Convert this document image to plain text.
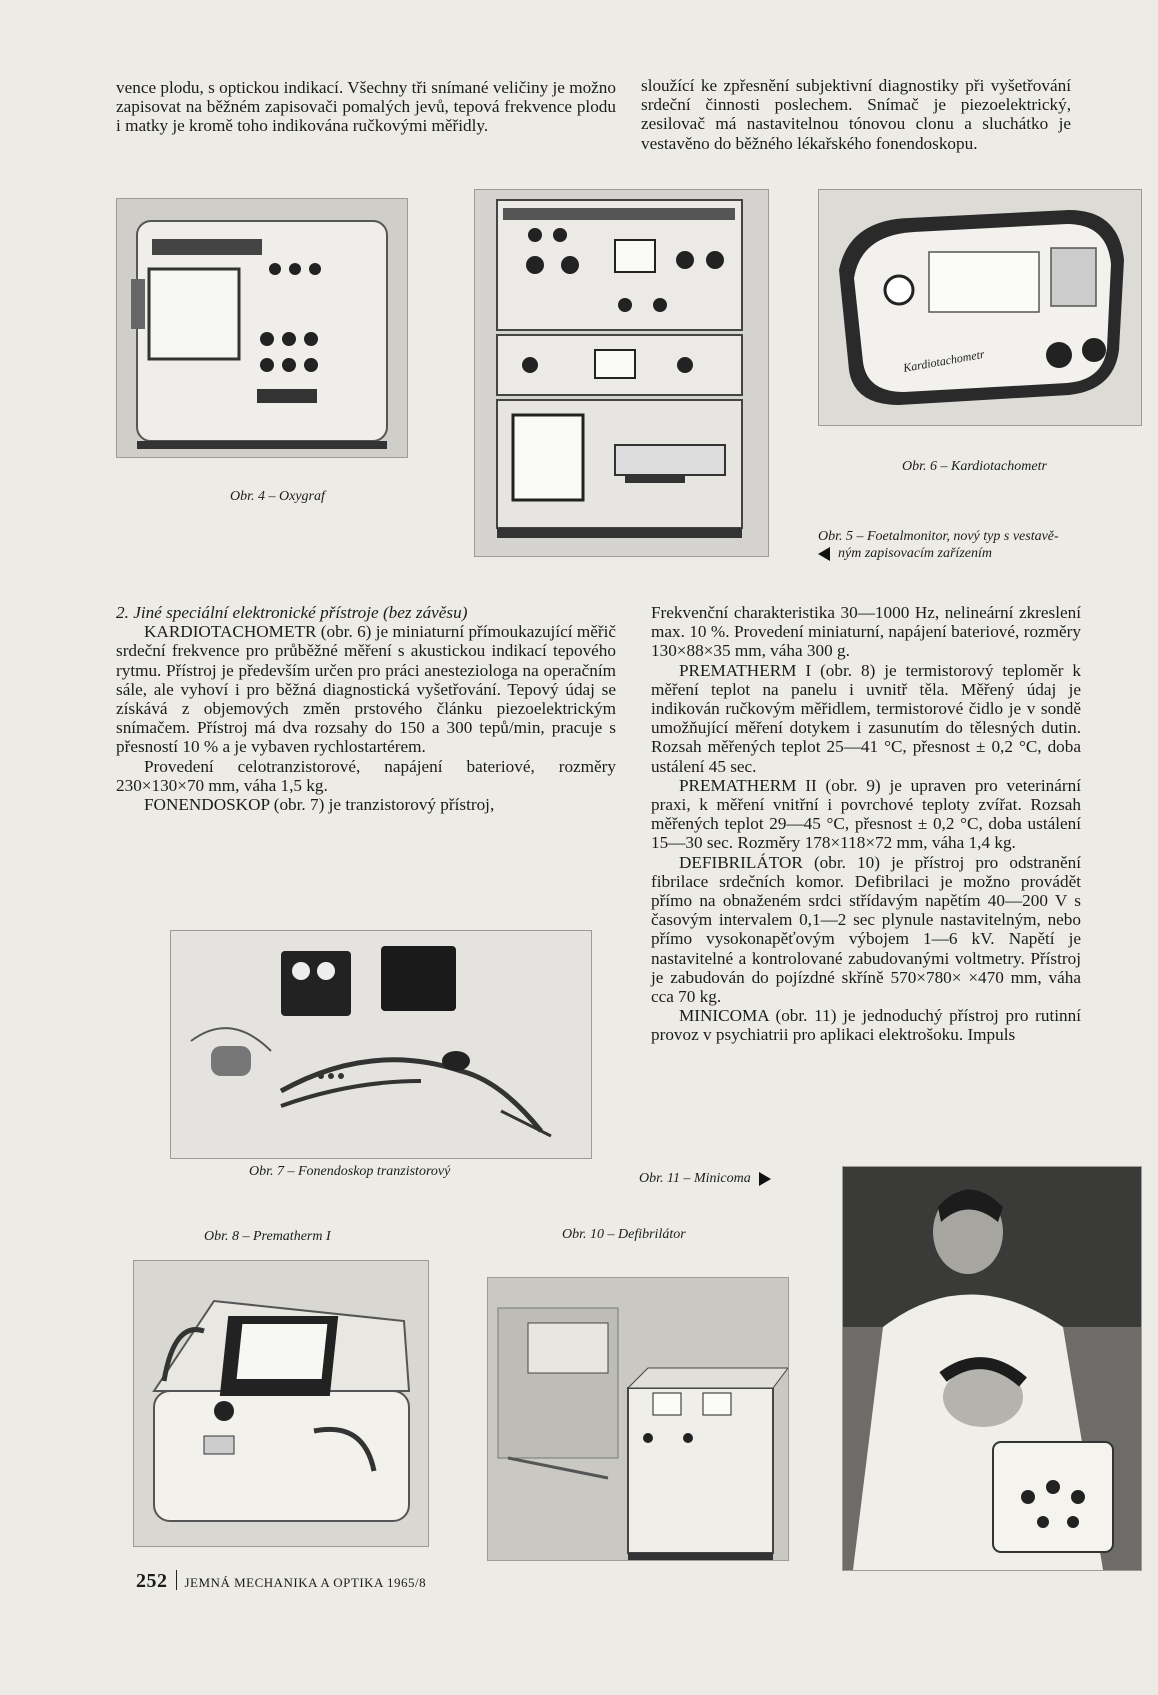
vence plodu, s optickou indikací. Všechny tři snímané veličiny je možno zapisovat na běžném zapisovači pomalých jevů, tepová frekvence plodu i matky je kromě toho indikována ručkovými měřidly.
sloužící ke zpřesnění subjektivní diagnostiky při vyšetřování srdeční činnosti poslechem. Snímač je piezoelektrický, zesilovač má nastavitelnou tónovou clonu a sluchátko je vestavěno do běžného lékařského fonendoskopu.
Obr. 4 – Oxygraf
Obr. 5 – Foetalmonitor, nový typ s vestavě-
ným zapisovacím zařízením
Kardiotachometr
Obr. 6 – Kardiotachometr

2. Jiné speciální elektronické přístroje (bez závěsu)

KARDIOTACHOMETR (obr. 6) je miniaturní přímoukazující měřič srdeční frekvence pro průběžné měření s akustickou indikací tepového rytmu. Přístroj je především určen pro práci anesteziologa na operačním sále, ale vyhoví i pro běžná diagnostická vyšetřování. Tepový údaj se získává z objemových změn prstového článku piezoelektrickým snímačem. Přístroj má dva rozsahy do 150 a 300 tepů/min, pracuje s přesností 10 % a je vybaven rychlostartérem.

Provedení celotranzistorové, napájení bateriové, rozměry 230×130×70 mm, váha 1,5 kg.

FONENDOSKOP (obr. 7) je tranzistorový přístroj,

Frekvenční charakteristika 30—1000 Hz, nelineární zkreslení max. 10 %. Provedení miniaturní, napájení bateriové, rozměry 130×88×35 mm, váha 300 g.

PREMATHERM I (obr. 8) je termistorový teploměr k měření teplot na panelu i uvnitř těla. Měřený údaj je indikován ručkovým měřidlem, termistorové čidlo je v sondě umožňující měření dotykem i zasunutím do tělesných dutin. Rozsah měřených teplot 25—41 °C, přesnost ± 0,2 °C, doba ustálení 45 sec.

PREMATHERM II (obr. 9) je upraven pro veterinární praxi, k měření vnitřní i povrchové teploty zvířat. Rozsah měřených teplot 29—45 °C, přesnost ± 0,2 °C, doba ustálení 15—30 sec. Rozměry 178×118×72 mm, váha 1,4 kg.

DEFIBRILÁTOR (obr. 10) je přístroj pro odstranění fibrilace srdečních komor. Defibrilaci je možno provádět přímo na obnaženém srdci střídavým napětím 40—200 V s časovým intervalem 0,1—2 sec plynule nastavitelným, nebo přímo vysokonapěťovým výbojem 1—6 kV. Napětí je nastavitelné a kontrolované zabudovanými voltmetry. Přístroj je zabudován do pojízdné skříně 570×780× ×470 mm, váha cca 70 kg.

MINICOMA (obr. 11) je jednoduchý přístroj pro rutinní provoz v psychiatrii pro aplikaci elektrošoku. Impuls

Obr. 7 – Fonendoskop tranzistorový	Obr. 11 – Minicoma
Obr. 8 – Prematherm I	Obr. 10 – Defibrilátor
252 JEMNÁ MECHANIKA A OPTIKA 1965/8
